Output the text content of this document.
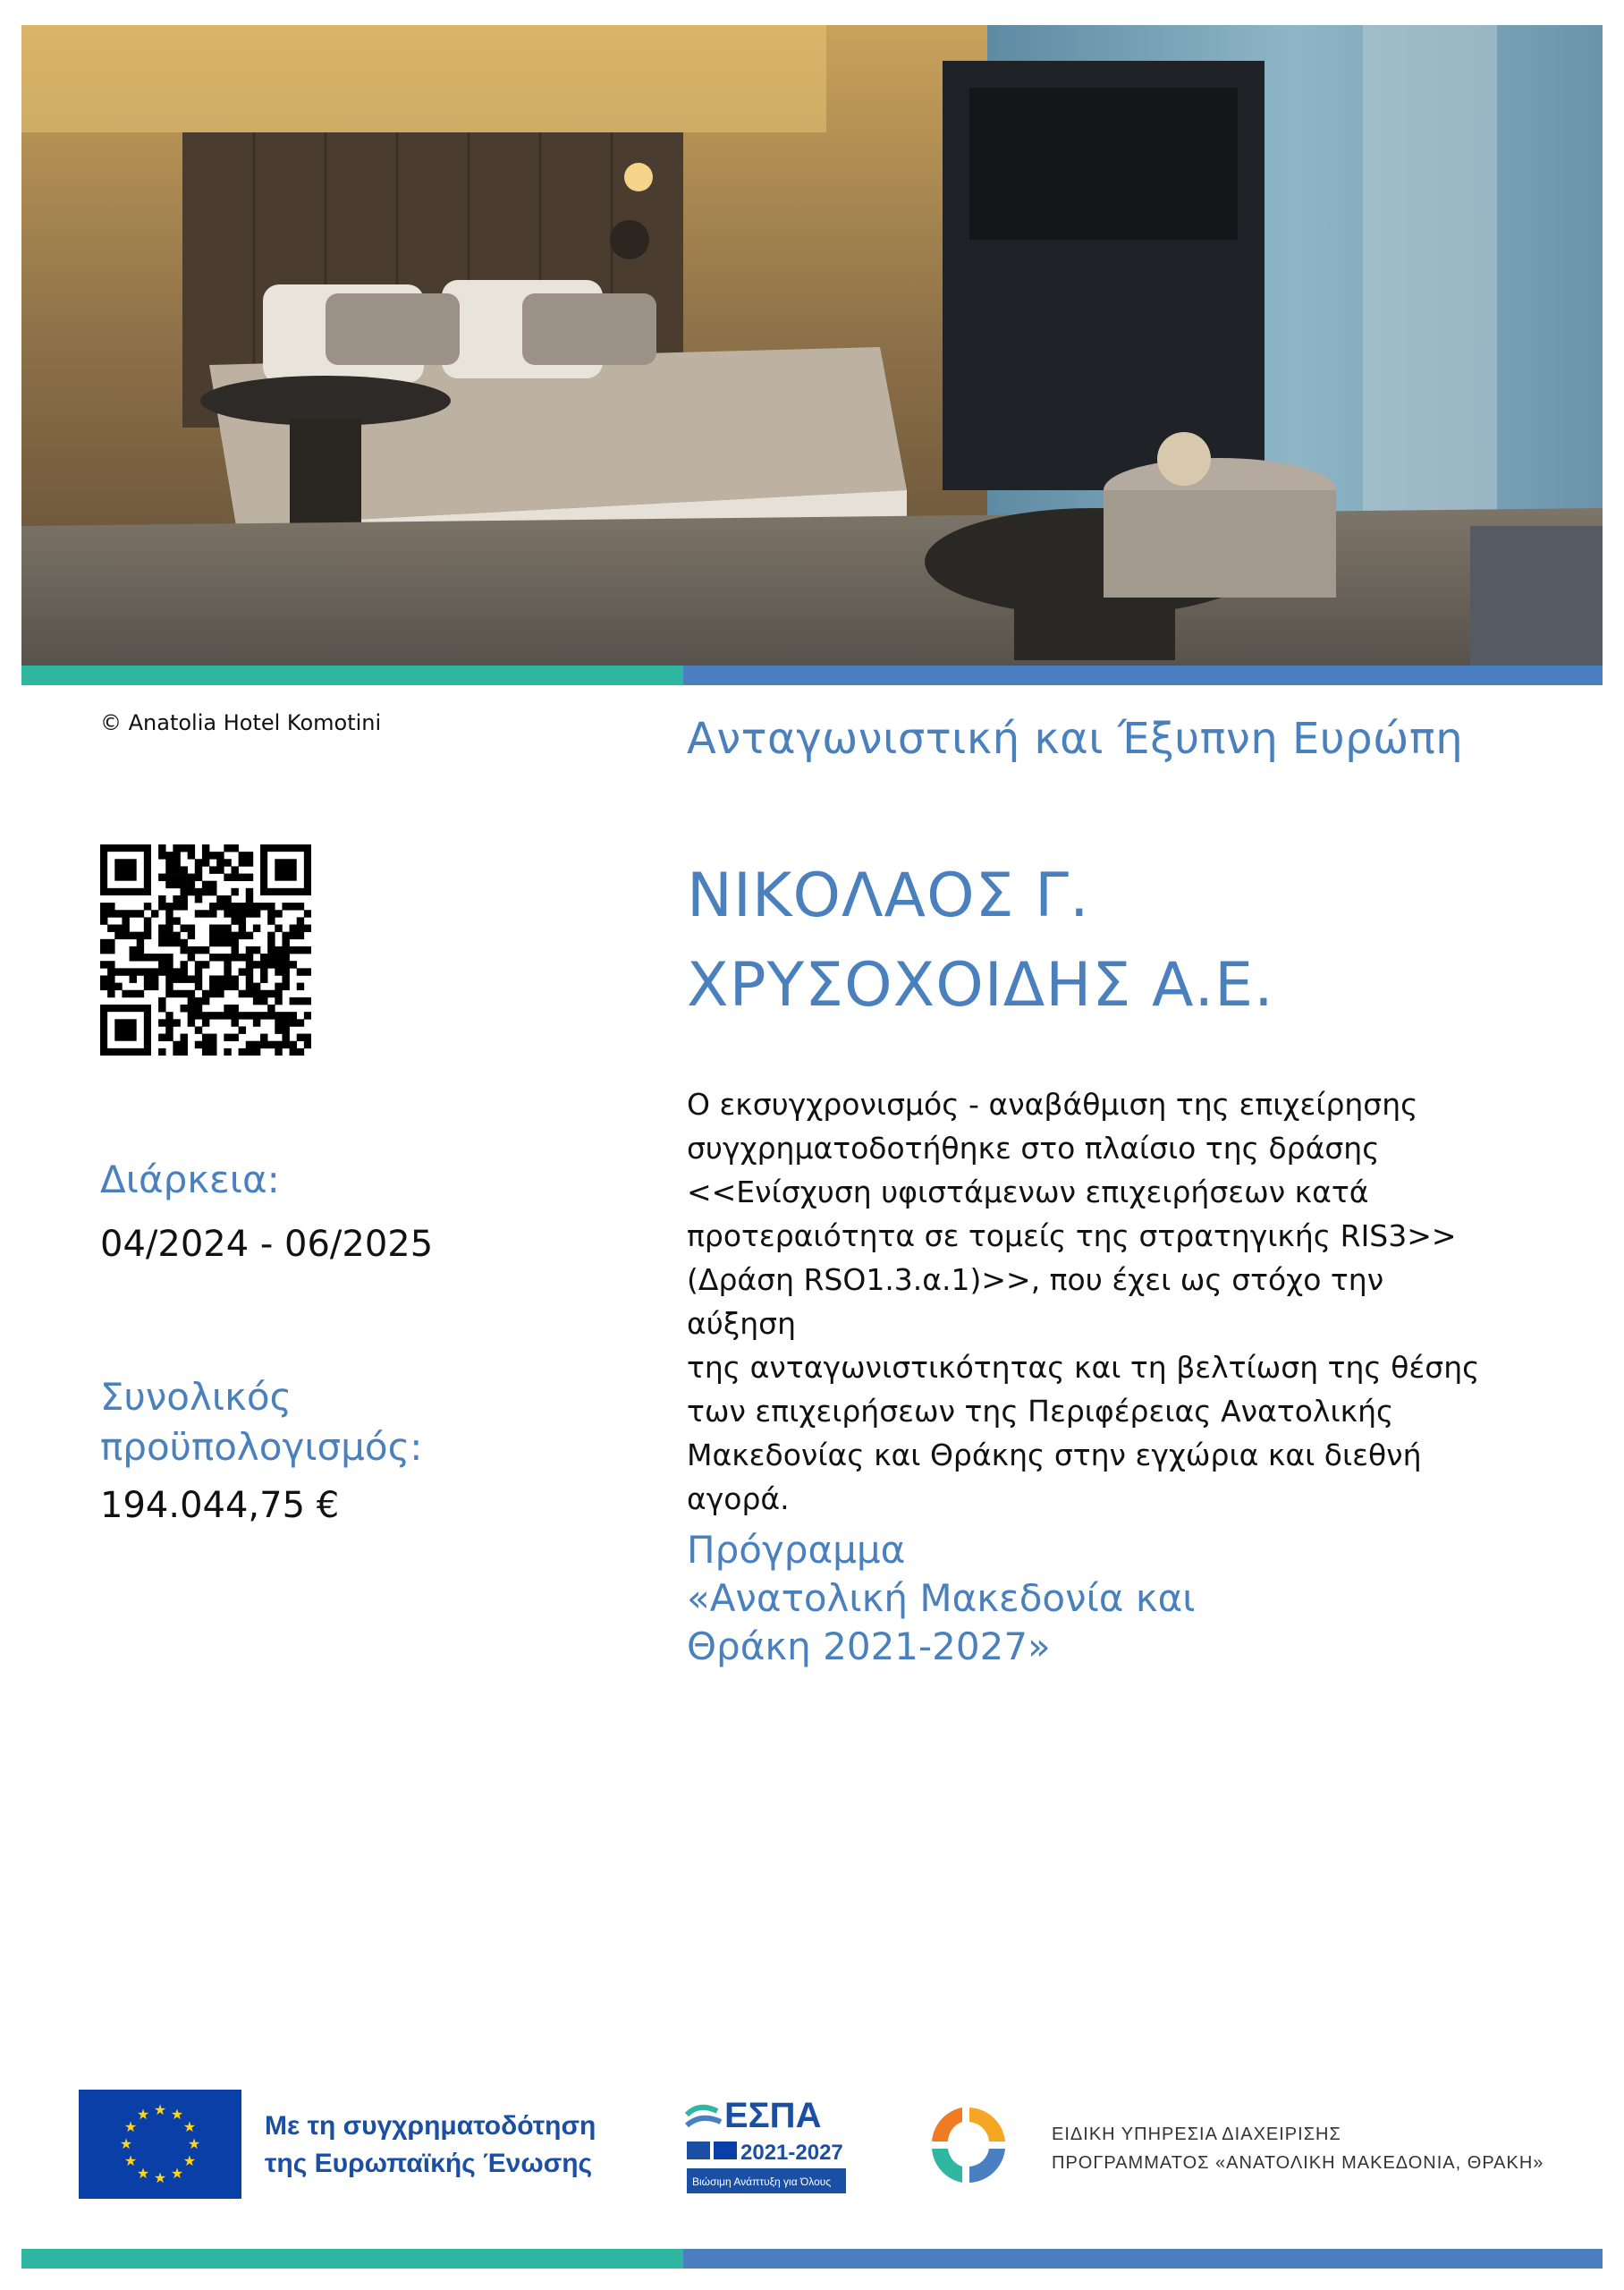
© Anatolia Hotel Komotini	Ανταγωνιστική και Έξυπνη Ευρώπη
ΝΙΚΟΛΑΟΣ Γ.
ΧΡΥΣΟΧΟΙΔΗΣ Α.Ε.
Διάρκεια:
04/2024 - 06/2025
Συνολικός προϋπολογισμός:
194.044,75 €
Ο εκσυγχρονισμός - αναβάθμιση της επιχείρησης
συγχρηματοδοτήθηκε στο πλαίσιο της δράσης
<<Ενίσχυση υφιστάμενων επιχειρήσεων κατά
προτεραιότητα σε τομείς της στρατηγικής RIS3>>
(Δράση RSO1.3.α.1)>>, που έχει ως στόχο την αύξηση
της ανταγωνιστικότητας και τη βελτίωση της θέσης
των επιχειρήσεων της Περιφέρειας Ανατολικής
Μακεδονίας και Θράκης στην εγχώρια και διεθνή
αγορά.
Πρόγραμμα
«Ανατολική Μακεδονία και
Θράκη 2021-2027»
★ ★
★
★
★
★
★
★
★
★
★
★	Με τη συγχρηματοδότηση
της Ευρωπαϊκής Ένωσης
ΕΣΠΑ
2021-2027
Βιώσιμη Ανάπτυξη για Όλους
ΕΙΔΙΚΗ ΥΠΗΡΕΣΙΑ ΔΙΑΧΕΙΡΙΣΗΣ
ΠΡΟΓΡΑΜΜΑΤΟΣ «ΑΝΑΤΟΛΙΚΗ ΜΑΚΕΔΟΝΙΑ, ΘΡΑΚΗ»
